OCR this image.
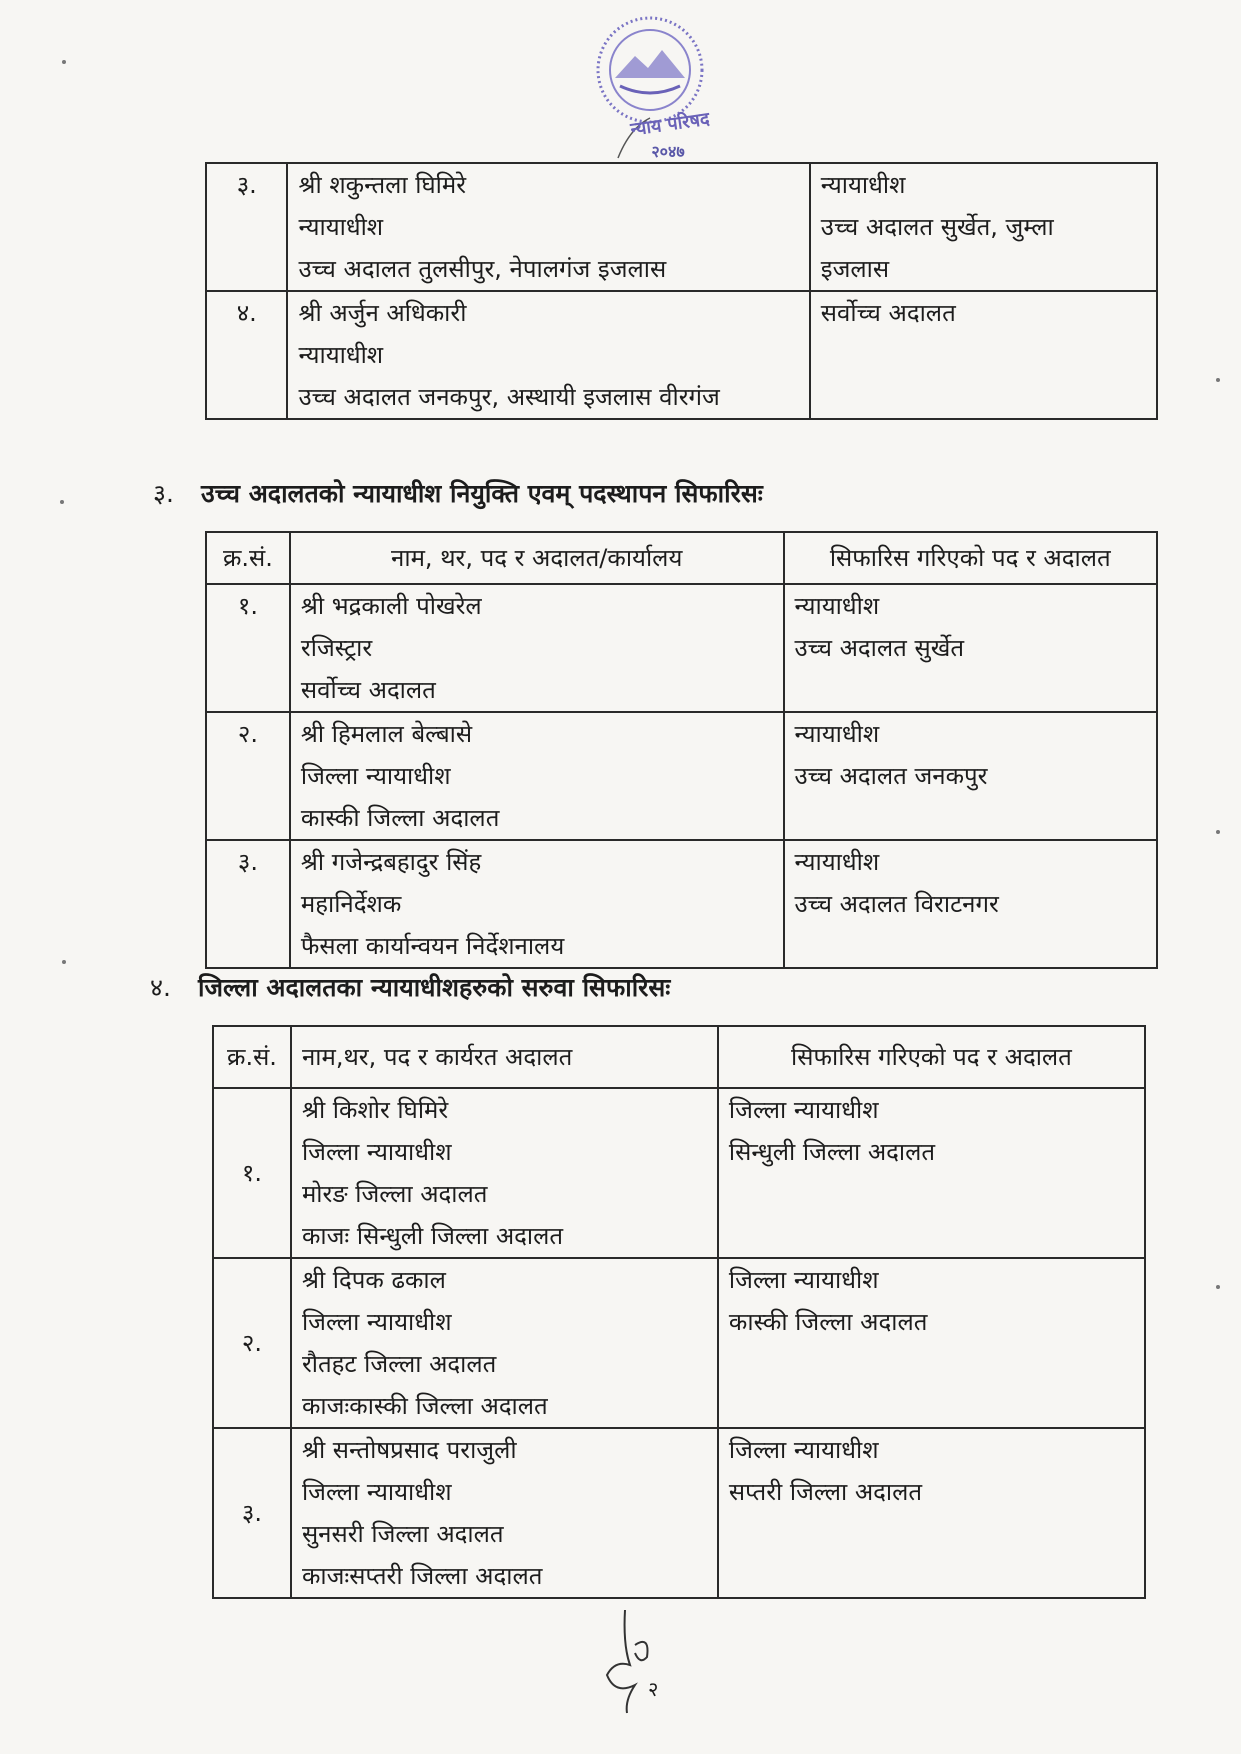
न्याय परिषद
२०४७
३.	श्री शकुन्तला घिमिरे
न्यायाधीश
उच्च अदालत तुलसीपुर, नेपालगंज इजलास	न्यायाधीश
उच्च अदालत सुर्खेत, जुम्ला
इजलास

४.	श्री अर्जुन अधिकारी
न्यायाधीश
उच्च अदालत जनकपुर, अस्थायी इजलास वीरगंज	सर्वोच्च अदालत
३. उच्च अदालतको न्यायाधीश नियुक्ति एवम् पदस्थापन सिफारिसः
क्र.सं.	नाम, थर, पद र अदालत/कार्यालय	सिफारिस गरिएको पद र अदालत

१.	श्री भद्रकाली पोखरेल
रजिस्ट्रार
सर्वोच्च अदालत	न्यायाधीश
उच्च अदालत सुर्खेत

२.	श्री हिमलाल बेल्बासे
जिल्ला न्यायाधीश
कास्की जिल्ला अदालत	न्यायाधीश
उच्च अदालत जनकपुर

३.	श्री गजेन्द्रबहादुर सिंह
महानिर्देशक
फैसला कार्यान्वयन निर्देशनालय	न्यायाधीश
उच्च अदालत विराटनगर
४. जिल्ला अदालतका न्यायाधीशहरुको सरुवा सिफारिसः
क्र.सं.	नाम,थर, पद र कार्यरत अदालत	सिफारिस गरिएको पद र अदालत

१.	श्री किशोर घिमिरे
जिल्ला न्यायाधीश
मोरङ जिल्ला अदालत
काजः सिन्धुली जिल्ला अदालत	जिल्ला न्यायाधीश
सिन्धुली जिल्ला अदालत

२.	श्री दिपक ढकाल
जिल्ला न्यायाधीश
रौतहट जिल्ला अदालत
काजःकास्की जिल्ला अदालत	जिल्ला न्यायाधीश
कास्की जिल्ला अदालत

३.	श्री सन्तोषप्रसाद पराजुली
जिल्ला न्यायाधीश
सुनसरी जिल्ला अदालत
काजःसप्तरी जिल्ला अदालत	जिल्ला न्यायाधीश
सप्तरी जिल्ला अदालत
२
